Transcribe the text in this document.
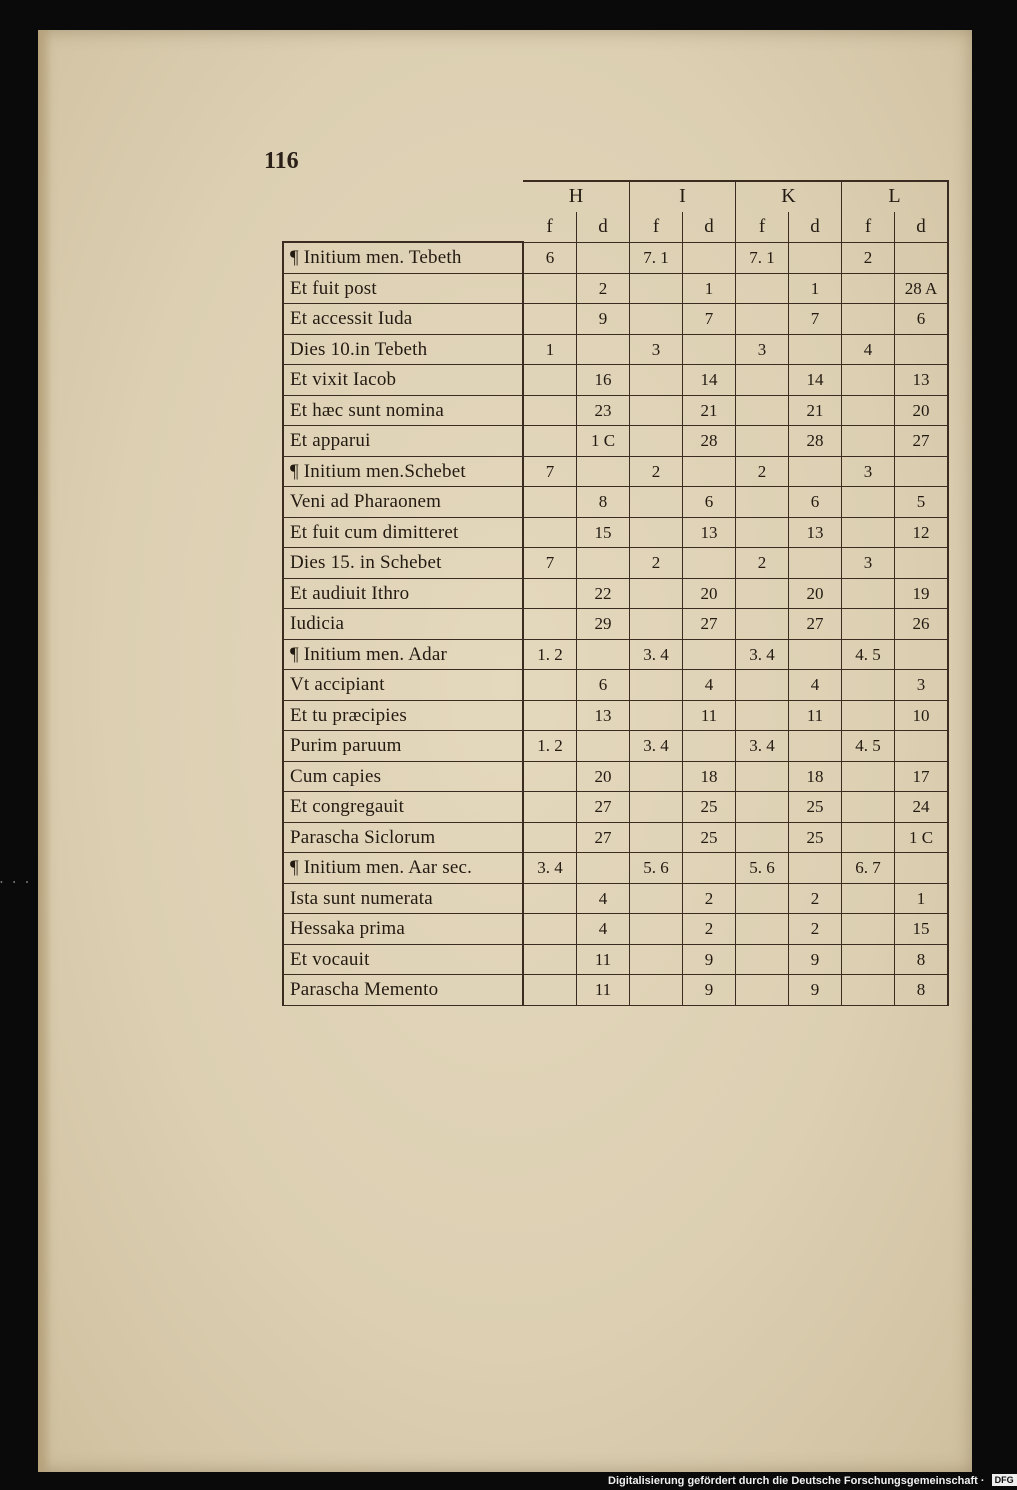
116
	H		I		K		L	
	f	d	f	d	f	d	f	d
¶ Initium men. Tebeth	6		7. 1		7. 1		2	
Et fuit post		2		1		1		28 A
Et accessit Iuda		9		7		7		6
Dies 10.in Tebeth	1		3		3		4	
Et vixit Iacob		16		14		14		13
Et hæc sunt nomina		23		21		21		20
Et apparui		1 C		28		28		27
¶ Initium men.Schebet	7		2		2		3	
Veni ad Pharaonem		8		6		6		5
Et fuit cum dimitteret		15		13		13		12
Dies 15. in Schebet	7		2		2		3	
Et audiuit Ithro		22		20		20		19
Iudicia		29		27		27		26
¶ Initium men. Adar	1. 2		3. 4		3. 4		4. 5	
Vt accipiant		6		4		4		3
Et tu præcipies		13		11		11		10
Purim paruum	1. 2		3. 4		3. 4		4. 5	
Cum capies		20		18		18		17
Et congregauit		27		25		25		24
Parascha Siclorum		27		25		25		1 C
¶ Initium men. Aar sec.	3. 4		5. 6		5. 6		6. 7	
Ista sunt numerata		4		2		2		1
Hessaka prima		4		2		2		15
Et vocauit		11		9		9		8
Parascha Memento		11		9		9		8
• • •
Digitalisierung gefördert durch die Deutsche Forschungsgemeinschaft · DFG
